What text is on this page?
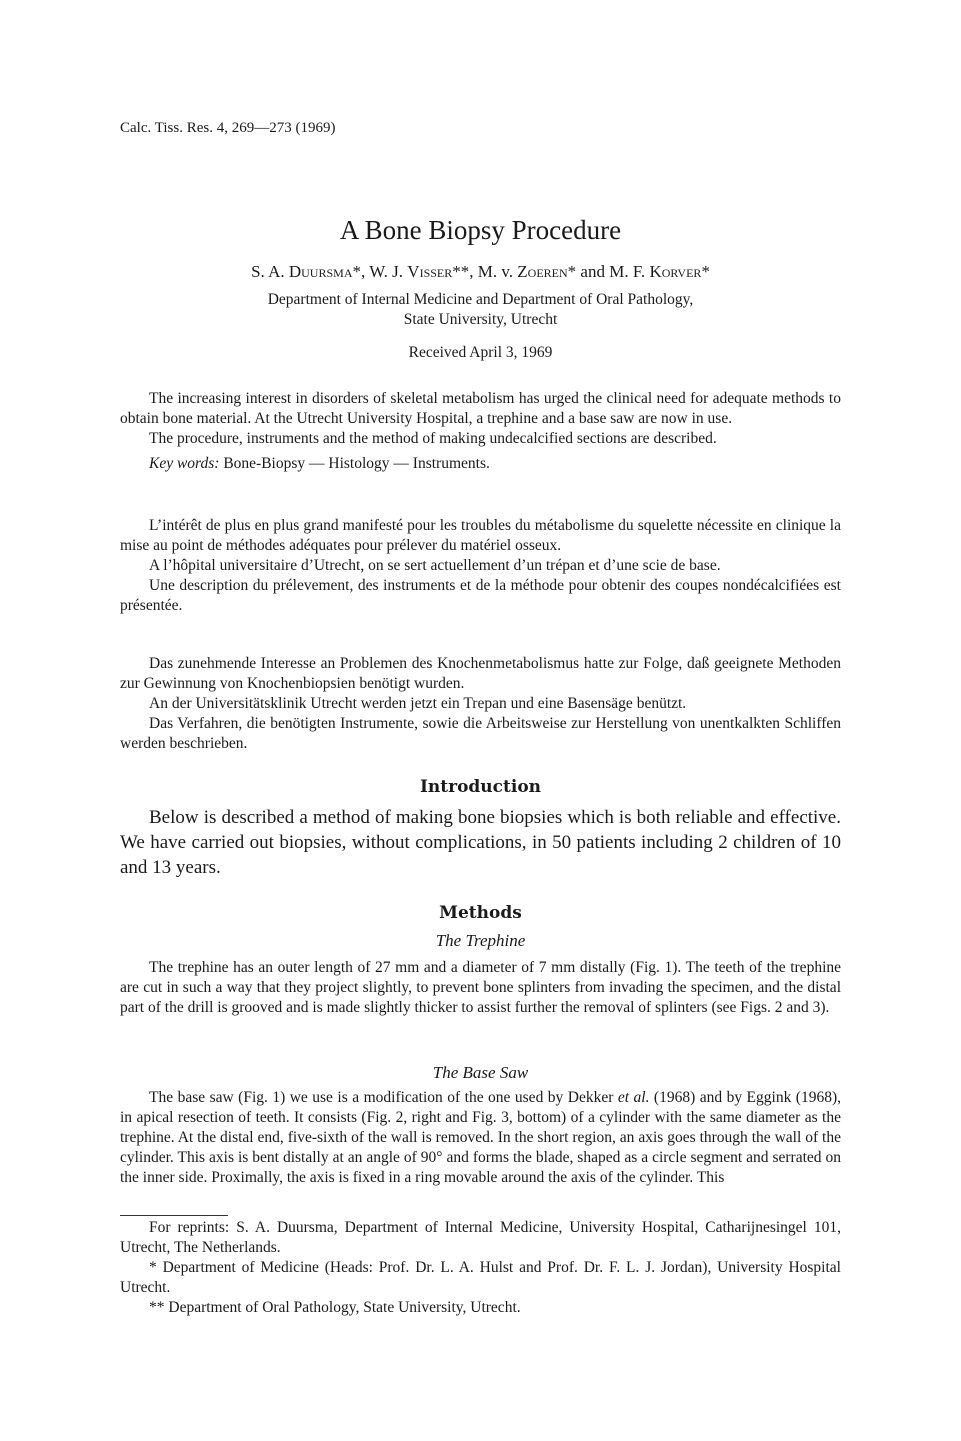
Calc. Tiss. Res. 4, 269—273 (1969)
A Bone Biopsy Procedure
S. A. Duursma*, W. J. Visser**, M. v. Zoeren* and M. F. Korver*
Department of Internal Medicine and Department of Oral Pathology,
State University, Utrecht
Received April 3, 1969

The increasing interest in disorders of skeletal metabolism has urged the clinical need for adequate methods to obtain bone material. At the Utrecht University Hospital, a trephine and a base saw are now in use.

The procedure, instruments and the method of making undecalcified sections are described.

Key words: Bone-Biopsy — Histology — Instruments.

L’intérêt de plus en plus grand manifesté pour les troubles du métabolisme du squelette nécessite en clinique la mise au point de méthodes adéquates pour prélever du matériel osseux.

A l’hôpital universitaire d’Utrecht, on se sert actuellement d’un trépan et d’une scie de base.

Une description du prélevement, des instruments et de la méthode pour obtenir des coupes nondécalcifiées est présentée.

Das zunehmende Interesse an Problemen des Knochenmetabolismus hatte zur Folge, daß geeignete Methoden zur Gewinnung von Knochenbiopsien benötigt wurden.

An der Universitätsklinik Utrecht werden jetzt ein Trepan und eine Basensäge benützt.

Das Verfahren, die benötigten Instrumente, sowie die Arbeitsweise zur Herstellung von unentkalkten Schliffen werden beschrieben.

Introduction

Below is described a method of making bone biopsies which is both reliable and effective. We have carried out biopsies, without complications, in 50 patients including 2 children of 10 and 13 years.

Methods
The Trephine

The trephine has an outer length of 27 mm and a diameter of 7 mm distally (Fig. 1). The teeth of the trephine are cut in such a way that they project slightly, to prevent bone splinters from invading the specimen, and the distal part of the drill is grooved and is made slightly thicker to assist further the removal of splinters (see Figs. 2 and 3).

The Base Saw

The base saw (Fig. 1) we use is a modification of the one used by Dekker et al. (1968) and by Eggink (1968), in apical resection of teeth. It consists (Fig. 2, right and Fig. 3, bottom) of a cylinder with the same diameter as the trephine. At the distal end, five-sixth of the wall is removed. In the short region, an axis goes through the wall of the cylinder. This axis is bent distally at an angle of 90° and forms the blade, shaped as a circle segment and serrated on the inner side. Proximally, the axis is fixed in a ring movable around the axis of the cylinder. This

For reprints: S. A. Duursma, Department of Internal Medicine, University Hospital, Catharijnesingel 101, Utrecht, The Netherlands.

* Department of Medicine (Heads: Prof. Dr. L. A. Hulst and Prof. Dr. F. L. J. Jordan), University Hospital Utrecht.

** Department of Oral Pathology, State University, Utrecht.
